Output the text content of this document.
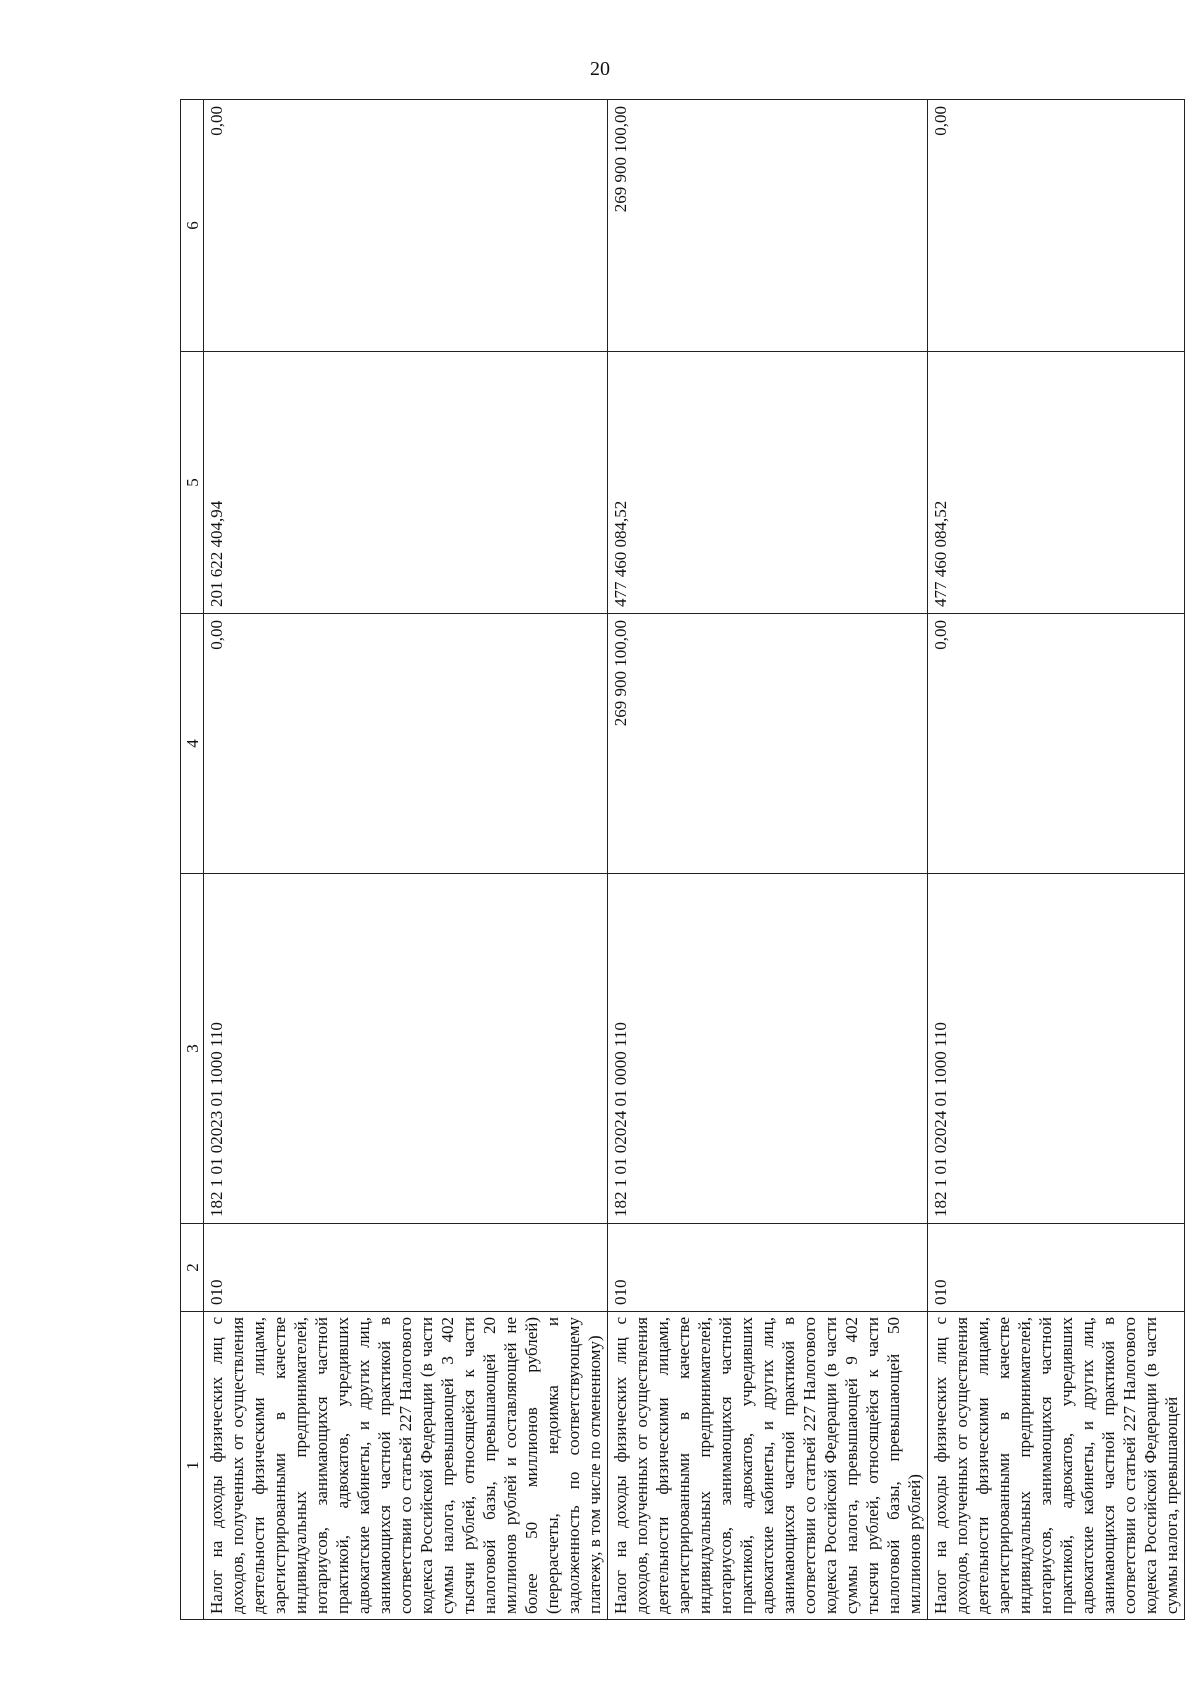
20
1	2	3	4	5	6
Налог на доходы физических лиц с доходов, полученных от осуществления деятельности физическими лицами, зарегистрированными в качестве индивидуальных предпринимателей, нотариусов, занимающихся частной практикой, адвокатов, учредивших адвокатские кабинеты, и других лиц, занимающихся частной практикой в соответствии со статьей 227 Налогового кодекса Российской Федерации (в части суммы налога, превышающей 3 402 тысячи рублей, относящейся к части налоговой базы, превышающей 20 миллионов рублей и составляющей не более 50 миллионов рублей) (перерасчеты, недоимка и задолженность по соответствующему платежу, в том числе по отмененному)	010	182 1 01 02023 01 1000 110	0,00	201 622 404,94	0,00
Налог на доходы физических лиц с доходов, полученных от осуществления деятельности физическими лицами, зарегистрированными в качестве индивидуальных предпринимателей, нотариусов, занимающихся частной практикой, адвокатов, учредивших адвокатские кабинеты, и других лиц, занимающихся частной практикой в соответствии со статьей 227 Налогового кодекса Российской Федерации (в части суммы налога, превышающей 9 402 тысячи рублей, относящейся к части налоговой базы, превышающей 50 миллионов рублей)	010	182 1 01 02024 01 0000 110	269 900 100,00	477 460 084,52	269 900 100,00
Налог на доходы физических лиц с доходов, полученных от осуществления деятельности физическими лицами, зарегистрированными в качестве индивидуальных предпринимателей, нотариусов, занимающихся частной практикой, адвокатов, учредивших адвокатские кабинеты, и других лиц, занимающихся частной практикой в соответствии со статьей 227 Налогового кодекса Российской Федерации (в части суммы налога, превышающей	010	182 1 01 02024 01 1000 110	0,00	477 460 084,52	0,00
